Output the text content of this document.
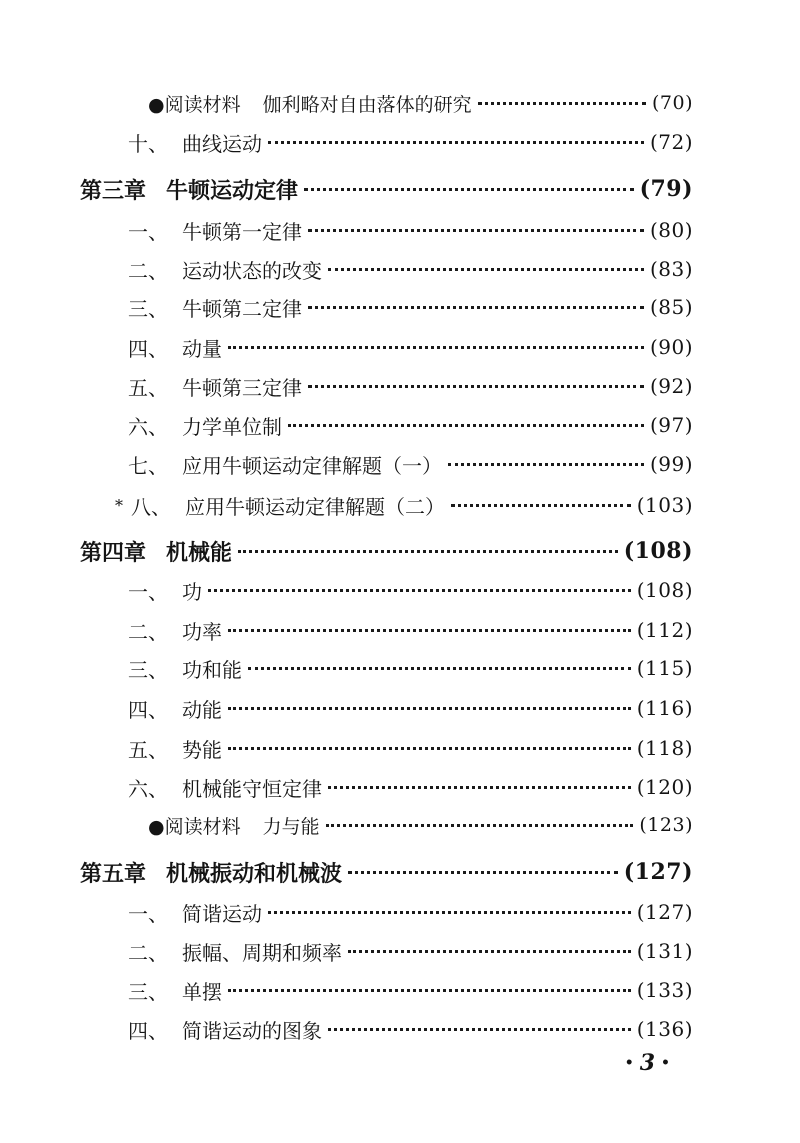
●阅读材料 伽利略对自由落体的研究	(70)
十、 曲线运动	(72)
第三章 牛顿运动定律	(79)
一、 牛顿第一定律	(80)
二、 运动状态的改变	(83)
三、 牛顿第二定律	(85)
四、 动量	(90)
五、 牛顿第三定律	(92)
六、 力学单位制	(97)
七、 应用牛顿运动定律解题（一）	(99)
* 八、 应用牛顿运动定律解题（二）	(103)
第四章 机械能	(108)
一、 功	(108)
二、 功率	(112)
三、 功和能	(115)
四、 动能	(116)
五、 势能	(118)
六、 机械能守恒定律	(120)
●阅读材料 力与能	(123)
第五章 机械振动和机械波	(127)
一、 简谐运动	(127)
二、 振幅、周期和频率	(131)
三、 单摆	(133)
四、 简谐运动的图象	(136)
• 3 •
